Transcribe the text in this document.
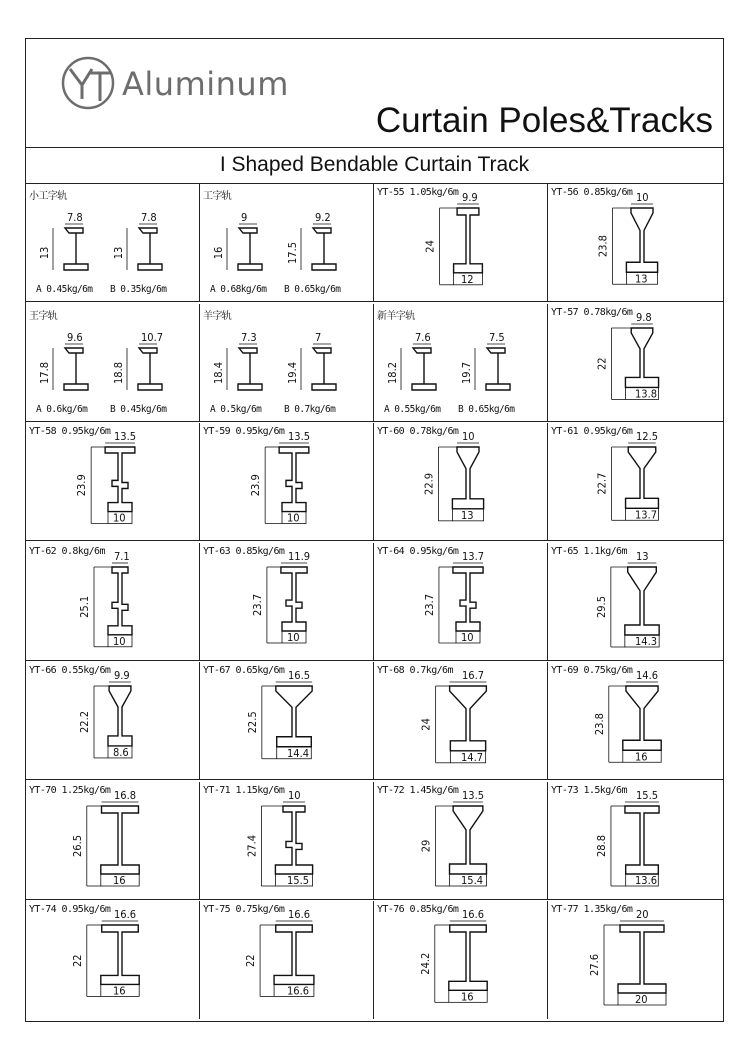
Aluminum
Curtain Poles&Tracks
I Shaped Bendable Curtain Track
小工字轨
7.8
13
A 0.45kg/6m
7.8
13
B 0.35kg/6m
工字轨
9
16
A 0.68kg/6m
9.2
17.5
B 0.65kg/6m
YT-55 1.05kg/6m 9.9
12
24
YT-56 0.85kg/6m 10
13
23.8
王字轨
9.6
17.8
A 0.6kg/6m
10.7
18.8
B 0.45kg/6m
羊字轨
7.3
18.4
A 0.5kg/6m
7
19.4
B 0.7kg/6m
新羊字轨
7.6
18.2
A 0.55kg/6m
7.5
19.7
B 0.65kg/6m
YT-57 0.78kg/6m 9.8
13.8
22
YT-58 0.95kg/6m 13.5
10
23.9
YT-59 0.95kg/6m 13.5
10
23.9
YT-60 0.78kg/6m 10
13
22.9
YT-61 0.95kg/6m 12.5
13.7
22.7
YT-62 0.8kg/6m 7.1
10
25.1
YT-63 0.85kg/6m 11.9
10
23.7
YT-64 0.95kg/6m 13.7
10
23.7
YT-65 1.1kg/6m 13
14.3
29.5
YT-66 0.55kg/6m 9.9
8.6
22.2
YT-67 0.65kg/6m 16.5
14.4
22.5
YT-68 0.7kg/6m 16.7
14.7
24
YT-69 0.75kg/6m 14.6
16
23.8
YT-70 1.25kg/6m 16.8
16
26.5
YT-71 1.15kg/6m 10
15.5
27.4
YT-72 1.45kg/6m 13.5
15.4
29
YT-73 1.5kg/6m 15.5
13.6
28.8
YT-74 0.95kg/6m 16.6
16
22
YT-75 0.75kg/6m 16.6
16.6
22
YT-76 0.85kg/6m 16.6
16
24.2
YT-77 1.35kg/6m 20
20
27.6
